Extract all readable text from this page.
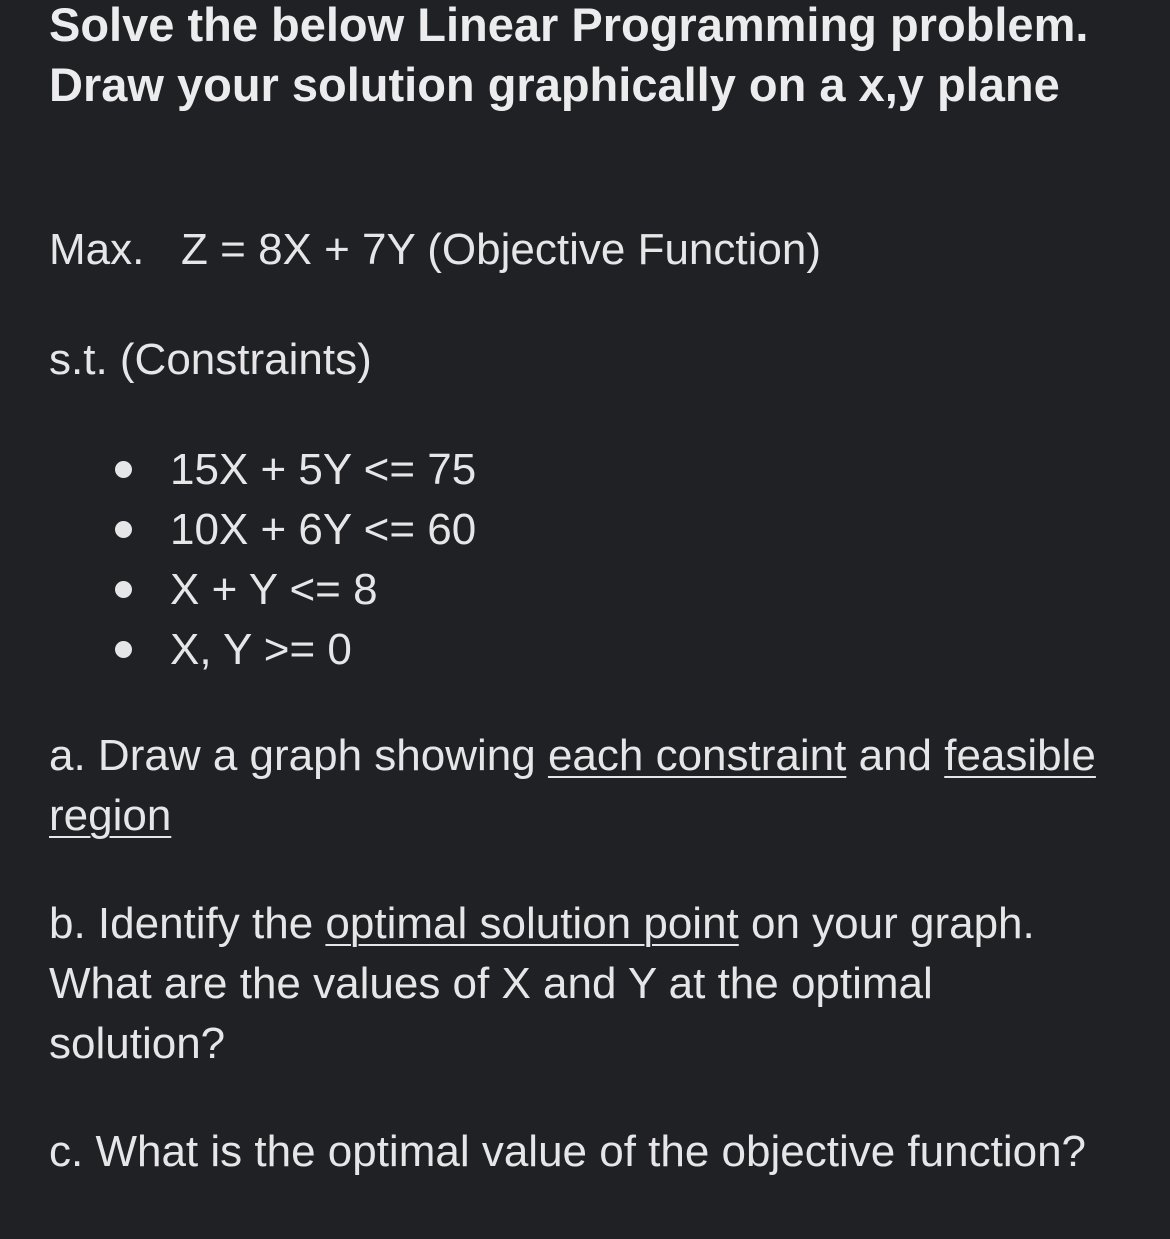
Solve the below Linear Programming problem. Draw your solution graphically on a x,y plane
Max. Z = 8X + 7Y (Objective Function)
s.t. (Constraints)
15X + 5Y <= 75
10X + 6Y <= 60
X + Y <= 8
X, Y >= 0
a. Draw a graph showing each constraint and feasible region
b. Identify the optimal solution point on your graph. What are the values of X and Y at the optimal solution?
c. What is the optimal value of the objective function?
